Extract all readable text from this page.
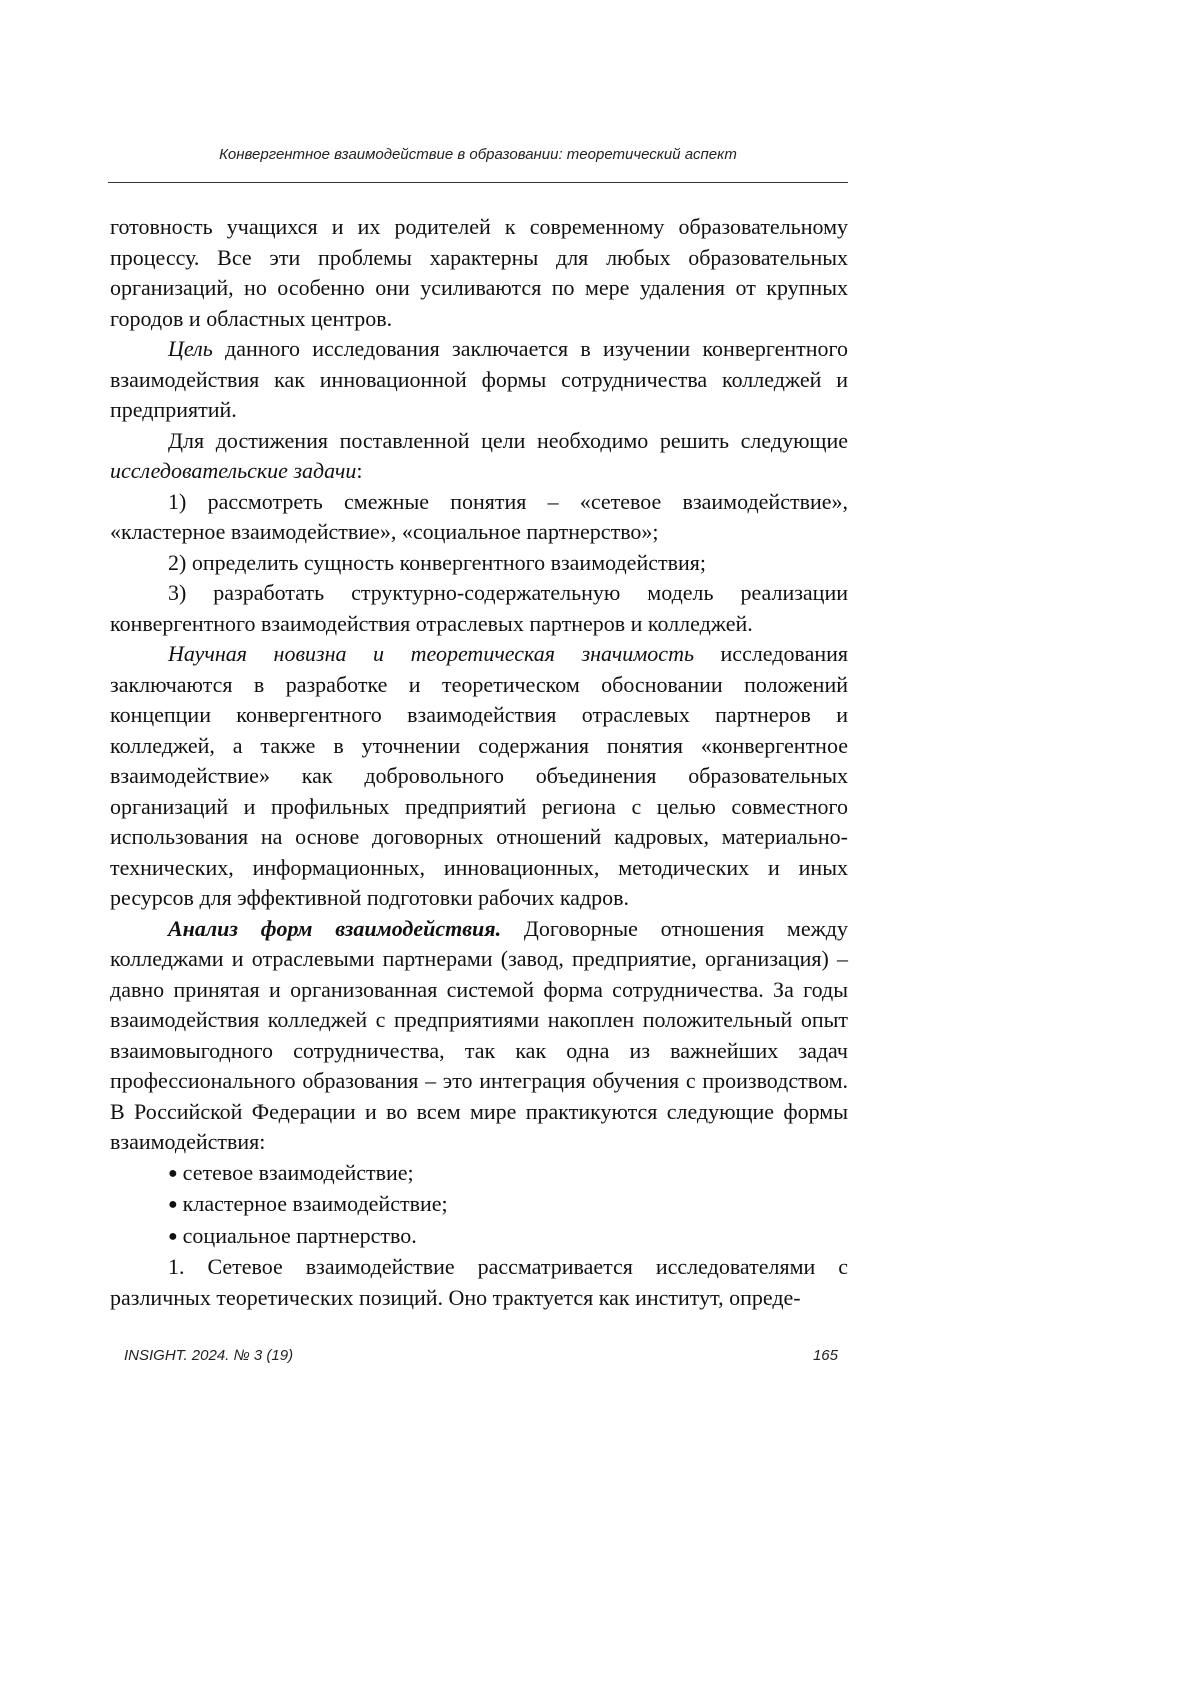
Конвергентное взаимодействие в образовании: теоретический аспект

готовность учащихся и их родителей к современному образовательному процессу. Все эти проблемы характерны для любых образовательных организаций, но особенно они усиливаются по мере удаления от крупных городов и областных центров.

Цель данного исследования заключается в изучении конвергентного взаимодействия как инновационной формы сотрудничества колледжей и предприятий.

Для достижения поставленной цели необходимо решить следующие исследовательские задачи:

1) рассмотреть смежные понятия – «сетевое взаимодействие», «кластерное взаимодействие», «социальное партнерство»;

2) определить сущность конвергентного взаимодействия;

3) разработать структурно-содержательную модель реализации конвергентного взаимодействия отраслевых партнеров и колледжей.

Научная новизна и теоретическая значимость исследования заключаются в разработке и теоретическом обосновании положений концепции конвергентного взаимодействия отраслевых партнеров и колледжей, а также в уточнении содержания понятия «конвергентное взаимодействие» как добровольного объединения образовательных организаций и профильных предприятий региона с целью совместного использования на основе договорных отношений кадровых, материально-технических, информационных, инновационных, методических и иных ресурсов для эффективной подготовки рабочих кадров.

Анализ форм взаимодействия. Договорные отношения между колледжами и отраслевыми партнерами (завод, предприятие, организация) – давно принятая и организованная системой форма сотрудничества. За годы взаимодействия колледжей с предприятиями накоплен положительный опыт взаимовыгодного сотрудничества, так как одна из важнейших задач профессионального образования – это интеграция обучения с производством. В Российской Федерации и во всем мире практикуются следующие формы взаимодействия:

● сетевое взаимодействие;

● кластерное взаимодействие;

● социальное партнерство.

1. Сетевое взаимодействие рассматривается исследователями с различных теоретических позиций. Оно трактуется как институт, опреде-

INSIGHT. 2024. № 3 (19)	165
